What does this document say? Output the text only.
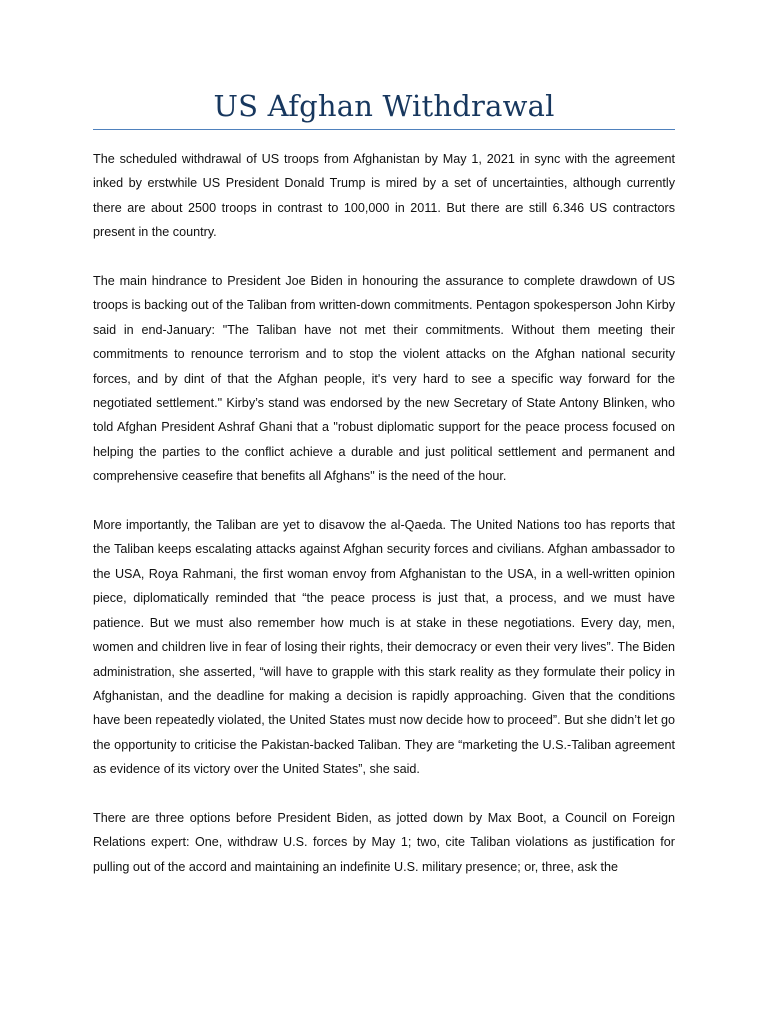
US Afghan Withdrawal

The scheduled withdrawal of US troops from Afghanistan by May 1, 2021 in sync with the agreement inked by erstwhile US President Donald Trump is mired by a set of uncertainties, although currently there are about 2500 troops in contrast to 100,000 in 2011. But there are still 6.346 US contractors present in the country.

The main hindrance to President Joe Biden in honouring the assurance to complete drawdown of US troops is backing out of the Taliban from written-down commitments. Pentagon spokesperson John Kirby said in end-January: "The Taliban have not met their commitments. Without them meeting their commitments to renounce terrorism and to stop the violent attacks on the Afghan national security forces, and by dint of that the Afghan people, it's very hard to see a specific way forward for the negotiated settlement." Kirby’s stand was endorsed by the new Secretary of State Antony Blinken, who told Afghan President Ashraf Ghani that a "robust diplomatic support for the peace process focused on helping the parties to the conflict achieve a durable and just political settlement and permanent and comprehensive ceasefire that benefits all Afghans" is the need of the hour.

More importantly, the Taliban are yet to disavow the al-Qaeda. The United Nations too has reports that the Taliban keeps escalating attacks against Afghan security forces and civilians. Afghan ambassador to the USA, Roya Rahmani, the first woman envoy from Afghanistan to the USA, in a well-written opinion piece, diplomatically reminded that “the peace process is just that, a process, and we must have patience. But we must also remember how much is at stake in these negotiations. Every day, men, women and children live in fear of losing their rights, their democracy or even their very lives”. The Biden administration, she asserted, “will have to grapple with this stark reality as they formulate their policy in Afghanistan, and the deadline for making a decision is rapidly approaching. Given that the conditions have been repeatedly violated, the United States must now decide how to proceed”. But she didn’t let go the opportunity to criticise the Pakistan-backed Taliban. They are “marketing the U.S.-Taliban agreement as evidence of its victory over the United States”, she said.

There are three options before President Biden, as jotted down by Max Boot, a Council on Foreign Relations expert: One, withdraw U.S. forces by May 1; two, cite Taliban violations as justification for pulling out of the accord and maintaining an indefinite U.S. military presence; or, three, ask the
